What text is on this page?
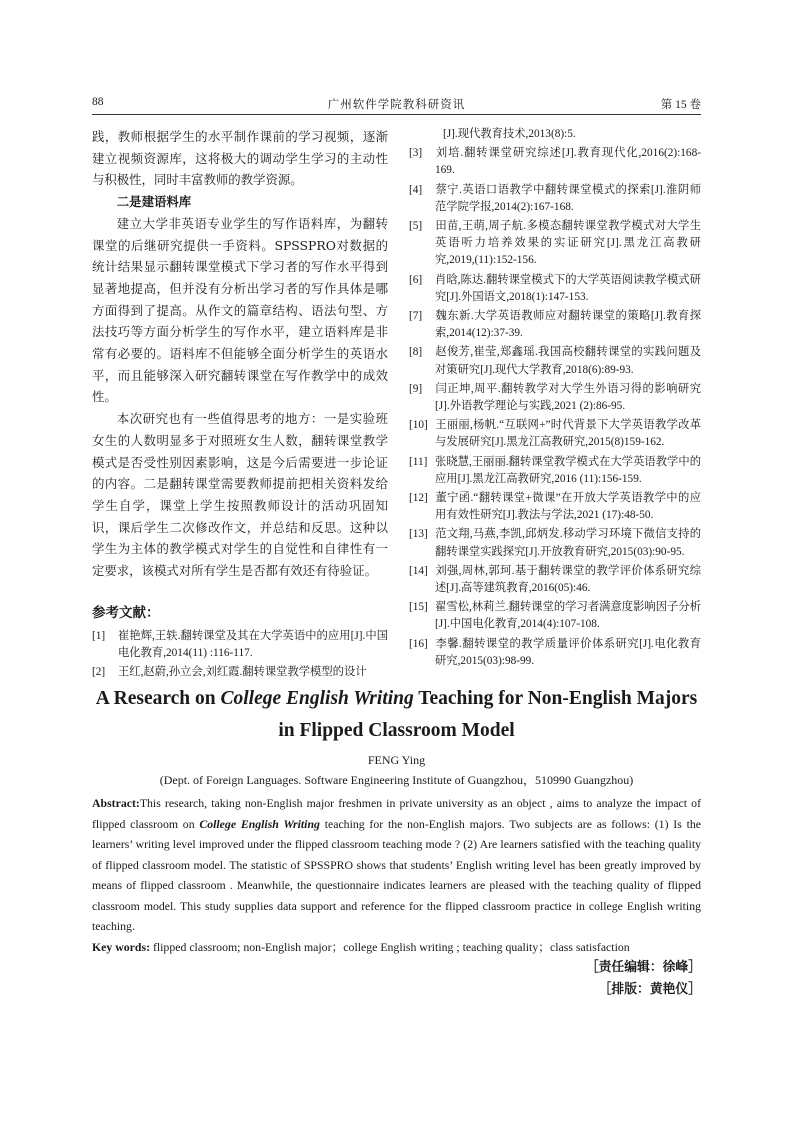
88	广州软件学院教科研资讯	第 15 卷

践，教师根据学生的水平制作课前的学习视频，逐渐建立视频资源库，这将极大的调动学生学习的主动性与积极性，同时丰富教师的教学资源。

二是建语料库

建立大学非英语专业学生的写作语料库，为翻转课堂的后继研究提供一手资料。SPSSPRO对数据的统计结果显示翻转课堂模式下学习者的写作水平得到显著地提高，但并没有分析出学习者的写作具体是哪方面得到了提高。从作文的篇章结构、语法句型、方法技巧等方面分析学生的写作水平，建立语料库是非常有必要的。语料库不但能够全面分析学生的英语水平，而且能够深入研究翻转课堂在写作教学中的成效性。

本次研究也有一些值得思考的地方：一是实验班女生的人数明显多于对照班女生人数，翻转课堂教学模式是否受性别因素影响，这是今后需要进一步论证的内容。二是翻转课堂需要教师提前把相关资料发给学生自学，课堂上学生按照教师设计的活动巩固知识，课后学生二次修改作文，并总结和反思。这种以学生为主体的教学模式对学生的自觉性和自律性有一定要求，该模式对所有学生是否都有效还有待验证。

参考文献：

[1] 崔艳辉,王轶.翻转课堂及其在大学英语中的应用[J].中国电化教育,2014(11) :116-117.

[2] 王红,赵蔚,孙立会,刘红霞.翻转课堂教学模型的设计

[J].现代教育技术,2013(8):5.

[3] 刘培.翻转课堂研究综述[J].教育现代化,2016(2):168-169.

[4] 蔡宁.英语口语教学中翻转课堂模式的探索[J].淮阴师范学院学报,2014(2):167-168.

[5] 田苗,王萌,周子航.多模态翻转课堂教学模式对大学生英语听力培养效果的实证研究[J].黑龙江高教研究,2019,(11):152-156.

[6] 肖晗,陈达.翻转课堂模式下的大学英语阅读教学模式研究[J].外国语文,2018(1):147-153.

[7] 魏东新.大学英语教师应对翻转课堂的策略[J].教育探索,2014(12):37-39.

[8] 赵俊芳,崔莹,郑鑫瑶.我国高校翻转课堂的实践问题及对策研究[J].现代大学教育,2018(6):89-93.

[9] 闫正坤,周平.翻转教学对大学生外语习得的影响研究[J].外语教学理论与实践,2021 (2):86-95.

[10] 王丽丽,杨帆.“互联网+”时代背景下大学英语教学改革与发展研究[J].黑龙江高教研究,2015(8)159-162.

[11] 张晓慧,王丽丽.翻转课堂教学模式在大学英语教学中的应用[J].黑龙江高教研究,2016 (11):156-159.

[12] 董宁函.“翻转课堂+微课”在开放大学英语教学中的应用有效性研究[J].教法与学法,2021 (17):48-50.

[13] 范文翔,马燕,李凯,邱炳发.移动学习环境下微信支持的翻转课堂实践探究[J].开放教育研究,2015(03):90-95.

[14] 刘强,周林,郭珂.基于翻转课堂的教学评价体系研究综述[J].高等建筑教育,2016(05):46.

[15] 翟雪松,林莉兰.翻转课堂的学习者满意度影响因子分析[J].中国电化教育,2014(4):107-108.

[16] 李馨.翻转课堂的教学质量评价体系研究[J].电化教育研究,2015(03):98-99.

A Research on College English Writing Teaching for Non-English Majors in Flipped Classroom Model

FENG Ying

(Dept. of Foreign Languages. Software Engineering Institute of Guangzhou，510990 Guangzhou)

Abstract:This research, taking non-English major freshmen in private university as an object , aims to analyze the impact of flipped classroom on College English Writing teaching for the non-English majors. Two subjects are as follows: (1) Is the learners’ writing level improved under the flipped classroom teaching mode ? (2) Are learners satisfied with the teaching quality of flipped classroom model. The statistic of SPSSPRO shows that students’ English writing level has been greatly improved by means of flipped classroom . Meanwhile, the questionnaire indicates learners are pleased with the teaching quality of flipped classroom model. This study supplies data support and reference for the flipped classroom practice in college English writing teaching.

Key words: flipped classroom; non-English major；college English writing ; teaching quality；class satisfaction

［责任编辑：徐峰］

［排版：黄艳仪］
